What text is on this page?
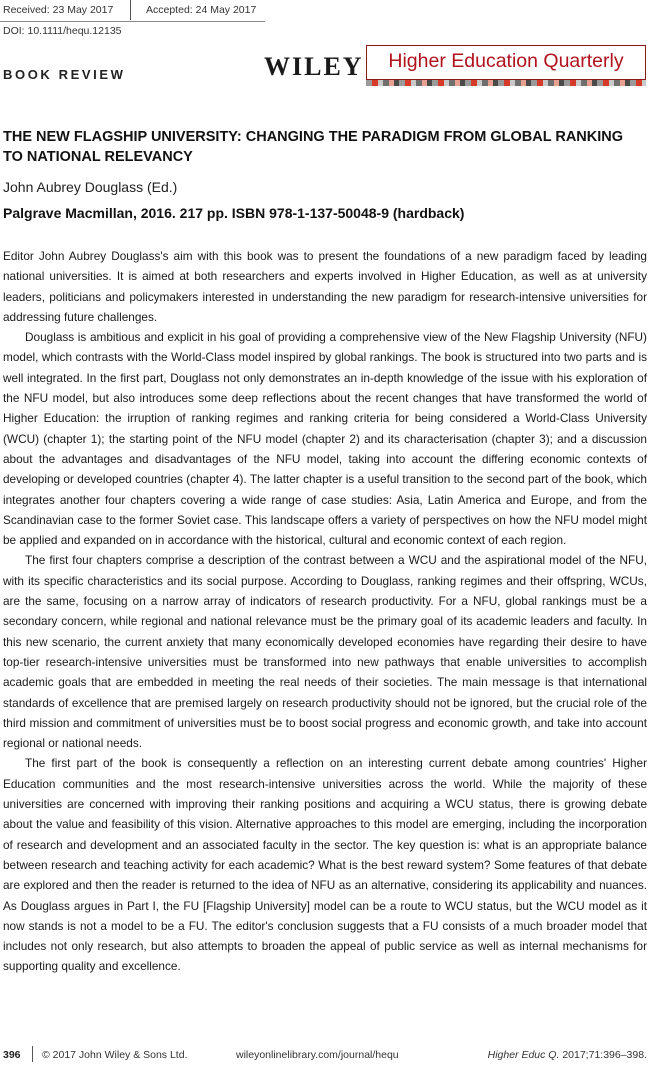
Received: 23 May 2017	Accepted: 24 May 2017
DOI: 10.1111/hequ.12135
BOOK REVIEW	WILEY	Higher Education Quarterly
THE NEW FLAGSHIP UNIVERSITY: CHANGING THE PARADIGM FROM GLOBAL RANKING TO NATIONAL RELEVANCY
John Aubrey Douglass (Ed.)
Palgrave Macmillan, 2016. 217 pp. ISBN 978-1-137-50048-9 (hardback)

Editor John Aubrey Douglass's aim with this book was to present the foundations of a new paradigm faced by leading national universities. It is aimed at both researchers and experts involved in Higher Education, as well as at university leaders, politicians and policymakers interested in understanding the new paradigm for research-intensive universities for addressing future challenges.

Douglass is ambitious and explicit in his goal of providing a comprehensive view of the New Flagship University (NFU) model, which contrasts with the World-Class model inspired by global rankings. The book is structured into two parts and is well integrated. In the first part, Douglass not only demonstrates an in-depth knowledge of the issue with his exploration of the NFU model, but also introduces some deep reflections about the recent changes that have transformed the world of Higher Education: the irruption of ranking regimes and ranking criteria for being considered a World-Class University (WCU) (chapter 1); the starting point of the NFU model (chapter 2) and its characterisation (chapter 3); and a discussion about the advantages and disadvantages of the NFU model, taking into account the differing economic contexts of developing or developed countries (chapter 4). The latter chapter is a useful transition to the second part of the book, which integrates another four chapters covering a wide range of case studies: Asia, Latin America and Europe, and from the Scandinavian case to the former Soviet case. This landscape offers a variety of perspectives on how the NFU model might be applied and expanded on in accordance with the historical, cultural and economic context of each region.

The first four chapters comprise a description of the contrast between a WCU and the aspirational model of the NFU, with its specific characteristics and its social purpose. According to Douglass, ranking regimes and their offspring, WCUs, are the same, focusing on a narrow array of indicators of research productivity. For a NFU, global rankings must be a secondary concern, while regional and national relevance must be the primary goal of its academic leaders and faculty. In this new scenario, the current anxiety that many economically developed economies have regarding their desire to have top-tier research-intensive universities must be transformed into new pathways that enable universities to accomplish academic goals that are embedded in meeting the real needs of their societies. The main message is that international standards of excellence that are premised largely on research productivity should not be ignored, but the crucial role of the third mission and commitment of universities must be to boost social progress and economic growth, and take into account regional or national needs.

The first part of the book is consequently a reflection on an interesting current debate among countries' Higher Education communities and the most research-intensive universities across the world. While the majority of these universities are concerned with improving their ranking positions and acquiring a WCU status, there is growing debate about the value and feasibility of this vision. Alternative approaches to this model are emerging, including the incorporation of research and development and an associated faculty in the sector. The key question is: what is an appropriate balance between research and teaching activity for each academic? What is the best reward system? Some features of that debate are explored and then the reader is returned to the idea of NFU as an alternative, considering its applicability and nuances. As Douglass argues in Part I, the FU [Flagship University] model can be a route to WCU status, but the WCU model as it now stands is not a model to be a FU. The editor's conclusion suggests that a FU consists of a much broader model that includes not only research, but also attempts to broaden the appeal of public service as well as internal mechanisms for supporting quality and excellence.

396 © 2017 John Wiley & Sons Ltd.	wileyonlinelibrary.com/journal/hequ	Higher Educ Q. 2017;71:396–398.
